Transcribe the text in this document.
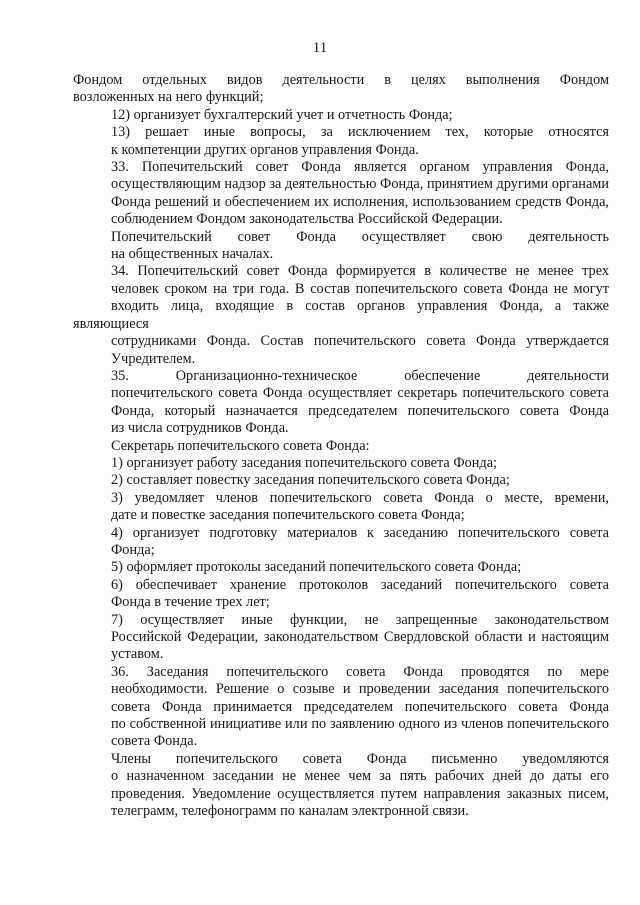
11
Фондом отдельных видов деятельности в целях выполнения Фондом
возложенных на него функций;
12) организует бухгалтерский учет и отчетность Фонда;
13) решает иные вопросы, за исключением тех, которые относятся
к компетенции других органов управления Фонда.
33. Попечительский совет Фонда является органом управления Фонда,
осуществляющим надзор за деятельностью Фонда, принятием другими органами
Фонда решений и обеспечением их исполнения, использованием средств Фонда,
соблюдением Фондом законодательства Российской Федерации.
Попечительский совет Фонда осуществляет свою деятельность
на общественных началах.
34. Попечительский совет Фонда формируется в количестве не менее трех
человек сроком на три года. В состав попечительского совета Фонда не могут
входить лица, входящие в состав органов управления Фонда, а также являющиеся
сотрудниками Фонда. Состав попечительского совета Фонда утверждается
Учредителем.
35. Организационно-техническое обеспечение деятельности
попечительского совета Фонда осуществляет секретарь попечительского совета
Фонда, который назначается председателем попечительского совета Фонда
из числа сотрудников Фонда.
Секретарь попечительского совета Фонда:
1) организует работу заседания попечительского совета Фонда;
2) составляет повестку заседания попечительского совета Фонда;
3) уведомляет членов попечительского совета Фонда о месте, времени,
дате и повестке заседания попечительского совета Фонда;
4) организует подготовку материалов к заседанию попечительского совета
Фонда;
5) оформляет протоколы заседаний попечительского совета Фонда;
6) обеспечивает хранение протоколов заседаний попечительского совета
Фонда в течение трех лет;
7) осуществляет иные функции, не запрещенные законодательством
Российской Федерации, законодательством Свердловской области и настоящим
уставом.
36. Заседания попечительского совета Фонда проводятся по мере
необходимости. Решение о созыве и проведении заседания попечительского
совета Фонда принимается председателем попечительского совета Фонда
по собственной инициативе или по заявлению одного из членов попечительского
совета Фонда.
Члены попечительского совета Фонда письменно уведомляются
о назначенном заседании не менее чем за пять рабочих дней до даты его
проведения. Уведомление осуществляется путем направления заказных писем,
телеграмм, телефонограмм по каналам электронной связи.
